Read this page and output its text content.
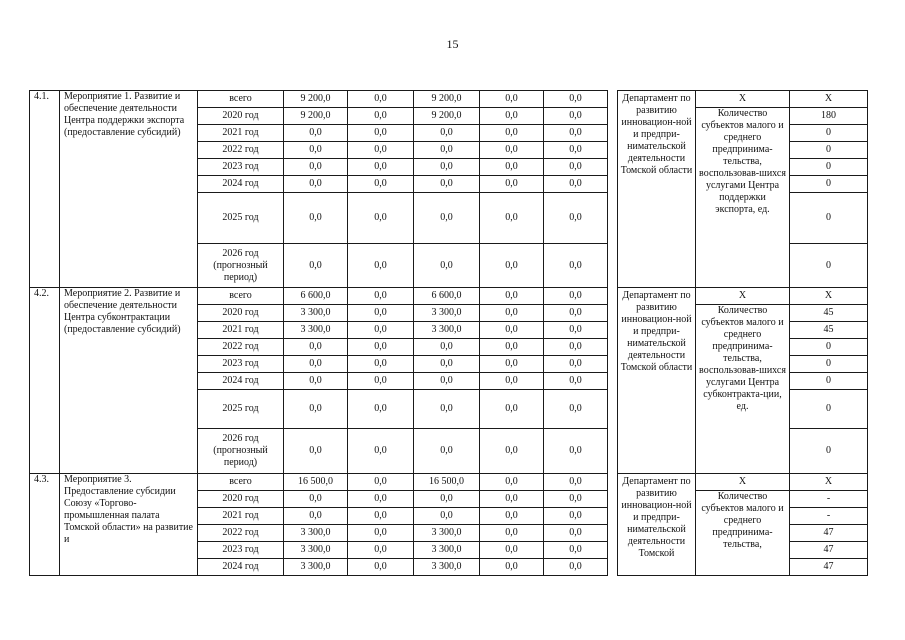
15
4.1.	Мероприятие 1. Развитие и обеспечение деятельности Центра поддержки экспорта (предоставление субсидий)	всего	9 200,0	0,0	9 200,0	0,0	0,0		Департамент по развитию инновацион-ной и предпри-нимательской деятельности Томской области	Х	Х
		2020 год	9 200,0	0,0	9 200,0	0,0	0,0			Количество субъектов малого и среднего предпринима-тельства, воспользовав-шихся услугами Центра поддержки экспорта, ед.	180
		2021 год	0,0	0,0	0,0	0,0	0,0				0
		2022 год	0,0	0,0	0,0	0,0	0,0				0
		2023 год	0,0	0,0	0,0	0,0	0,0				0
		2024 год	0,0	0,0	0,0	0,0	0,0				0
		2025 год	0,0	0,0	0,0	0,0	0,0				0
		2026 год (прогнозный период)	0,0	0,0	0,0	0,0	0,0				0
4.2.	Мероприятие 2. Развитие и обеспечение деятельности Центра субконтрактации (предоставление субсидий)	всего	6 600,0	0,0	6 600,0	0,0	0,0		Департамент по развитию инновацион-ной и предпри-нимательской деятельности Томской области	Х	Х
		2020 год	3 300,0	0,0	3 300,0	0,0	0,0			Количество субъектов малого и среднего предпринима-тельства, воспользовав-шихся услугами Центра субконтракта-ции, ед.	45
		2021 год	3 300,0	0,0	3 300,0	0,0	0,0				45
		2022 год	0,0	0,0	0,0	0,0	0,0				0
		2023 год	0,0	0,0	0,0	0,0	0,0				0
		2024 год	0,0	0,0	0,0	0,0	0,0				0
		2025 год	0,0	0,0	0,0	0,0	0,0				0
		2026 год (прогнозный период)	0,0	0,0	0,0	0,0	0,0				0
4.3.	Мероприятие 3. Предоставление субсидии Союзу «Торгово-промышленная палата Томской области» на развитие и	всего	16 500,0	0,0	16 500,0	0,0	0,0		Департамент по развитию инновацион-ной и предпри-нимательской деятельности Томской	Х	Х
		2020 год	0,0	0,0	0,0	0,0	0,0			Количество субъектов малого и среднего предпринима-тельства,	-
		2021 год	0,0	0,0	0,0	0,0	0,0				-
		2022 год	3 300,0	0,0	3 300,0	0,0	0,0				47
		2023 год	3 300,0	0,0	3 300,0	0,0	0,0				47
		2024 год	3 300,0	0,0	3 300,0	0,0	0,0				47
